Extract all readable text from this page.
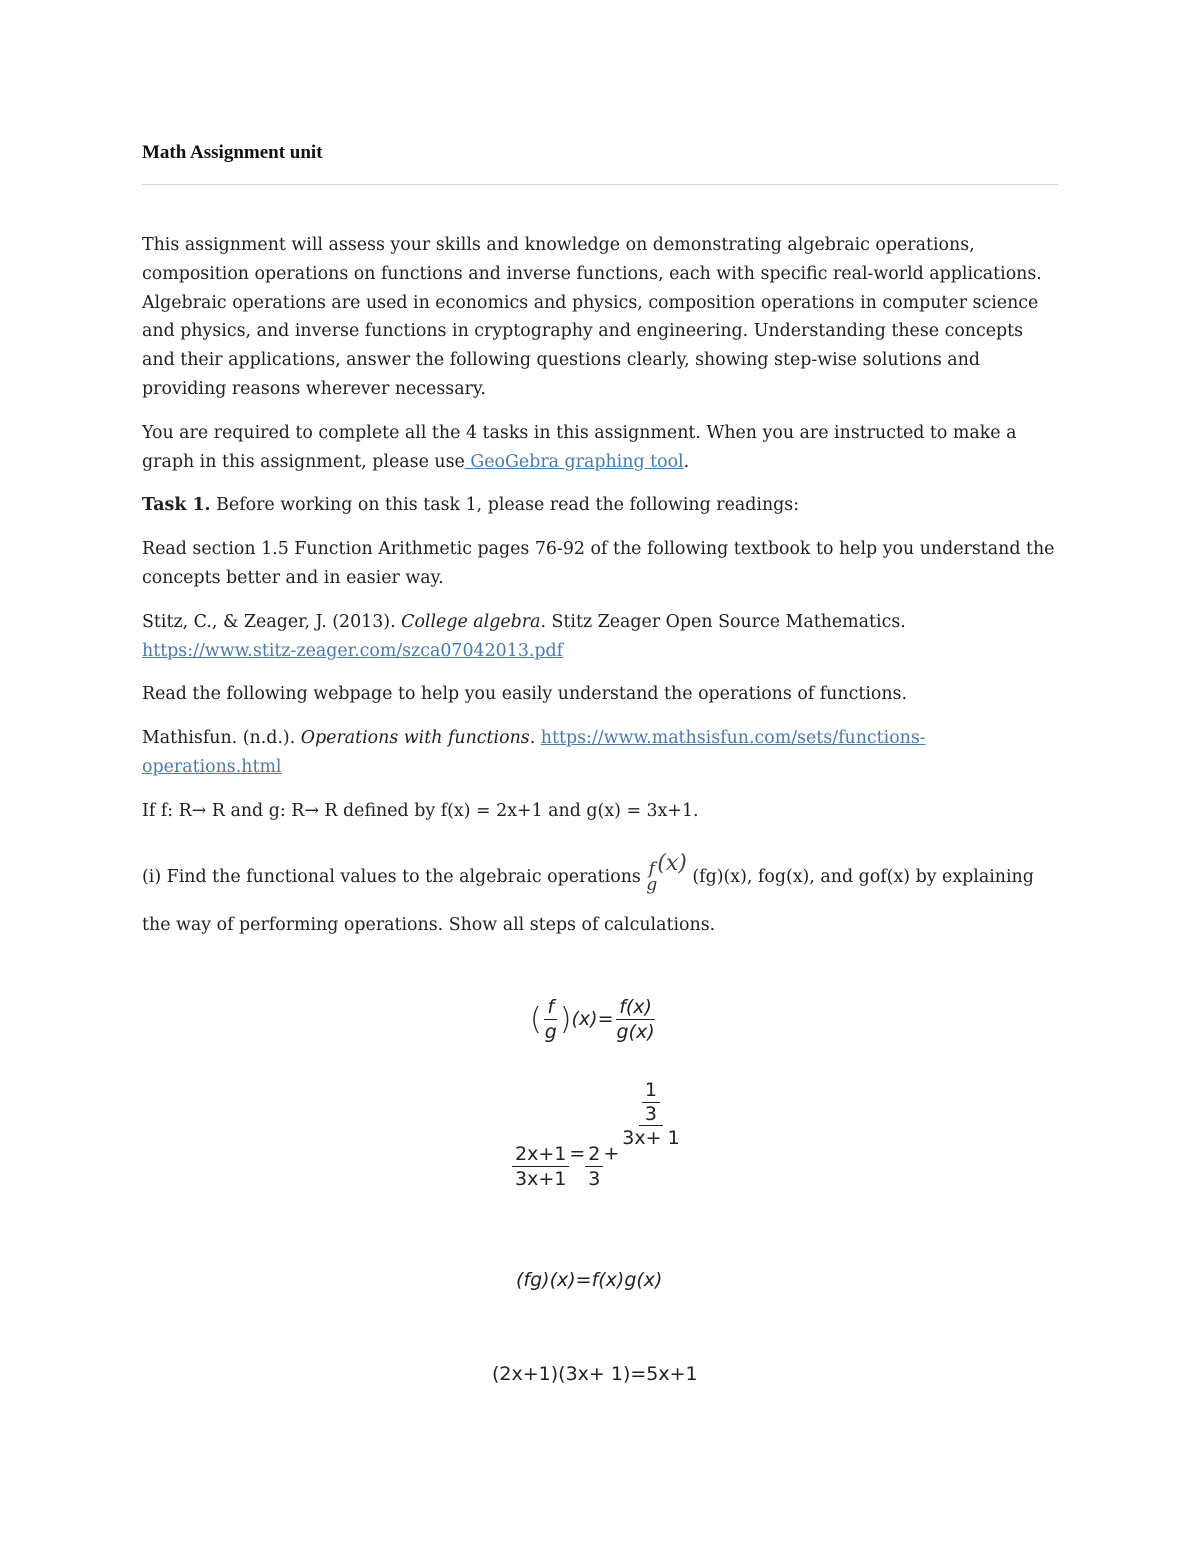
Math Assignment unit

This assignment will assess your skills and knowledge on demonstrating algebraic operations, composition operations on functions and inverse functions, each with specific real-world applications. Algebraic operations are used in economics and physics, composition operations in computer science and physics, and inverse functions in cryptography and engineering. Understanding these concepts and their applications, answer the following questions clearly, showing step-wise solutions and providing reasons wherever necessary.

You are required to complete all the 4 tasks in this assignment. When you are instructed to make a graph in this assignment, please use GeoGebra graphing tool.

Task 1. Before working on this task 1, please read the following readings:

Read section 1.5 Function Arithmetic pages 76-92 of the following textbook to help you understand the concepts better and in easier way.

Stitz, C., & Zeager, J. (2013). College algebra. Stitz Zeager Open Source Mathematics. https://www.stitz-zeager.com/szca07042013.pdf

Read the following webpage to help you easily understand the operations of functions.

Mathisfun. (n.d.). Operations with functions. https://www.mathsisfun.com/sets/functions-operations.html

If f: R→ R and g: R→ R defined by f(x) = 2x+1 and g(x) = 3x+1.

(i) Find the functional values to the algebraic operations f
g
(x) (fg)(x), fog(x), and gof(x) by explaining the way of performing operations. Show all steps of calculations.
( $\frac{f}{g} )(x)= \frac{f(x)}{g(x)}$
$\frac{2x+1}{3x+1} = \frac{2}{3}$ +
$\frac{\frac{1}{3}}{3x+ 1}$
(fg)(x)=f(x)g(x)
(2x+1)(3x+ 1)=5x+1
